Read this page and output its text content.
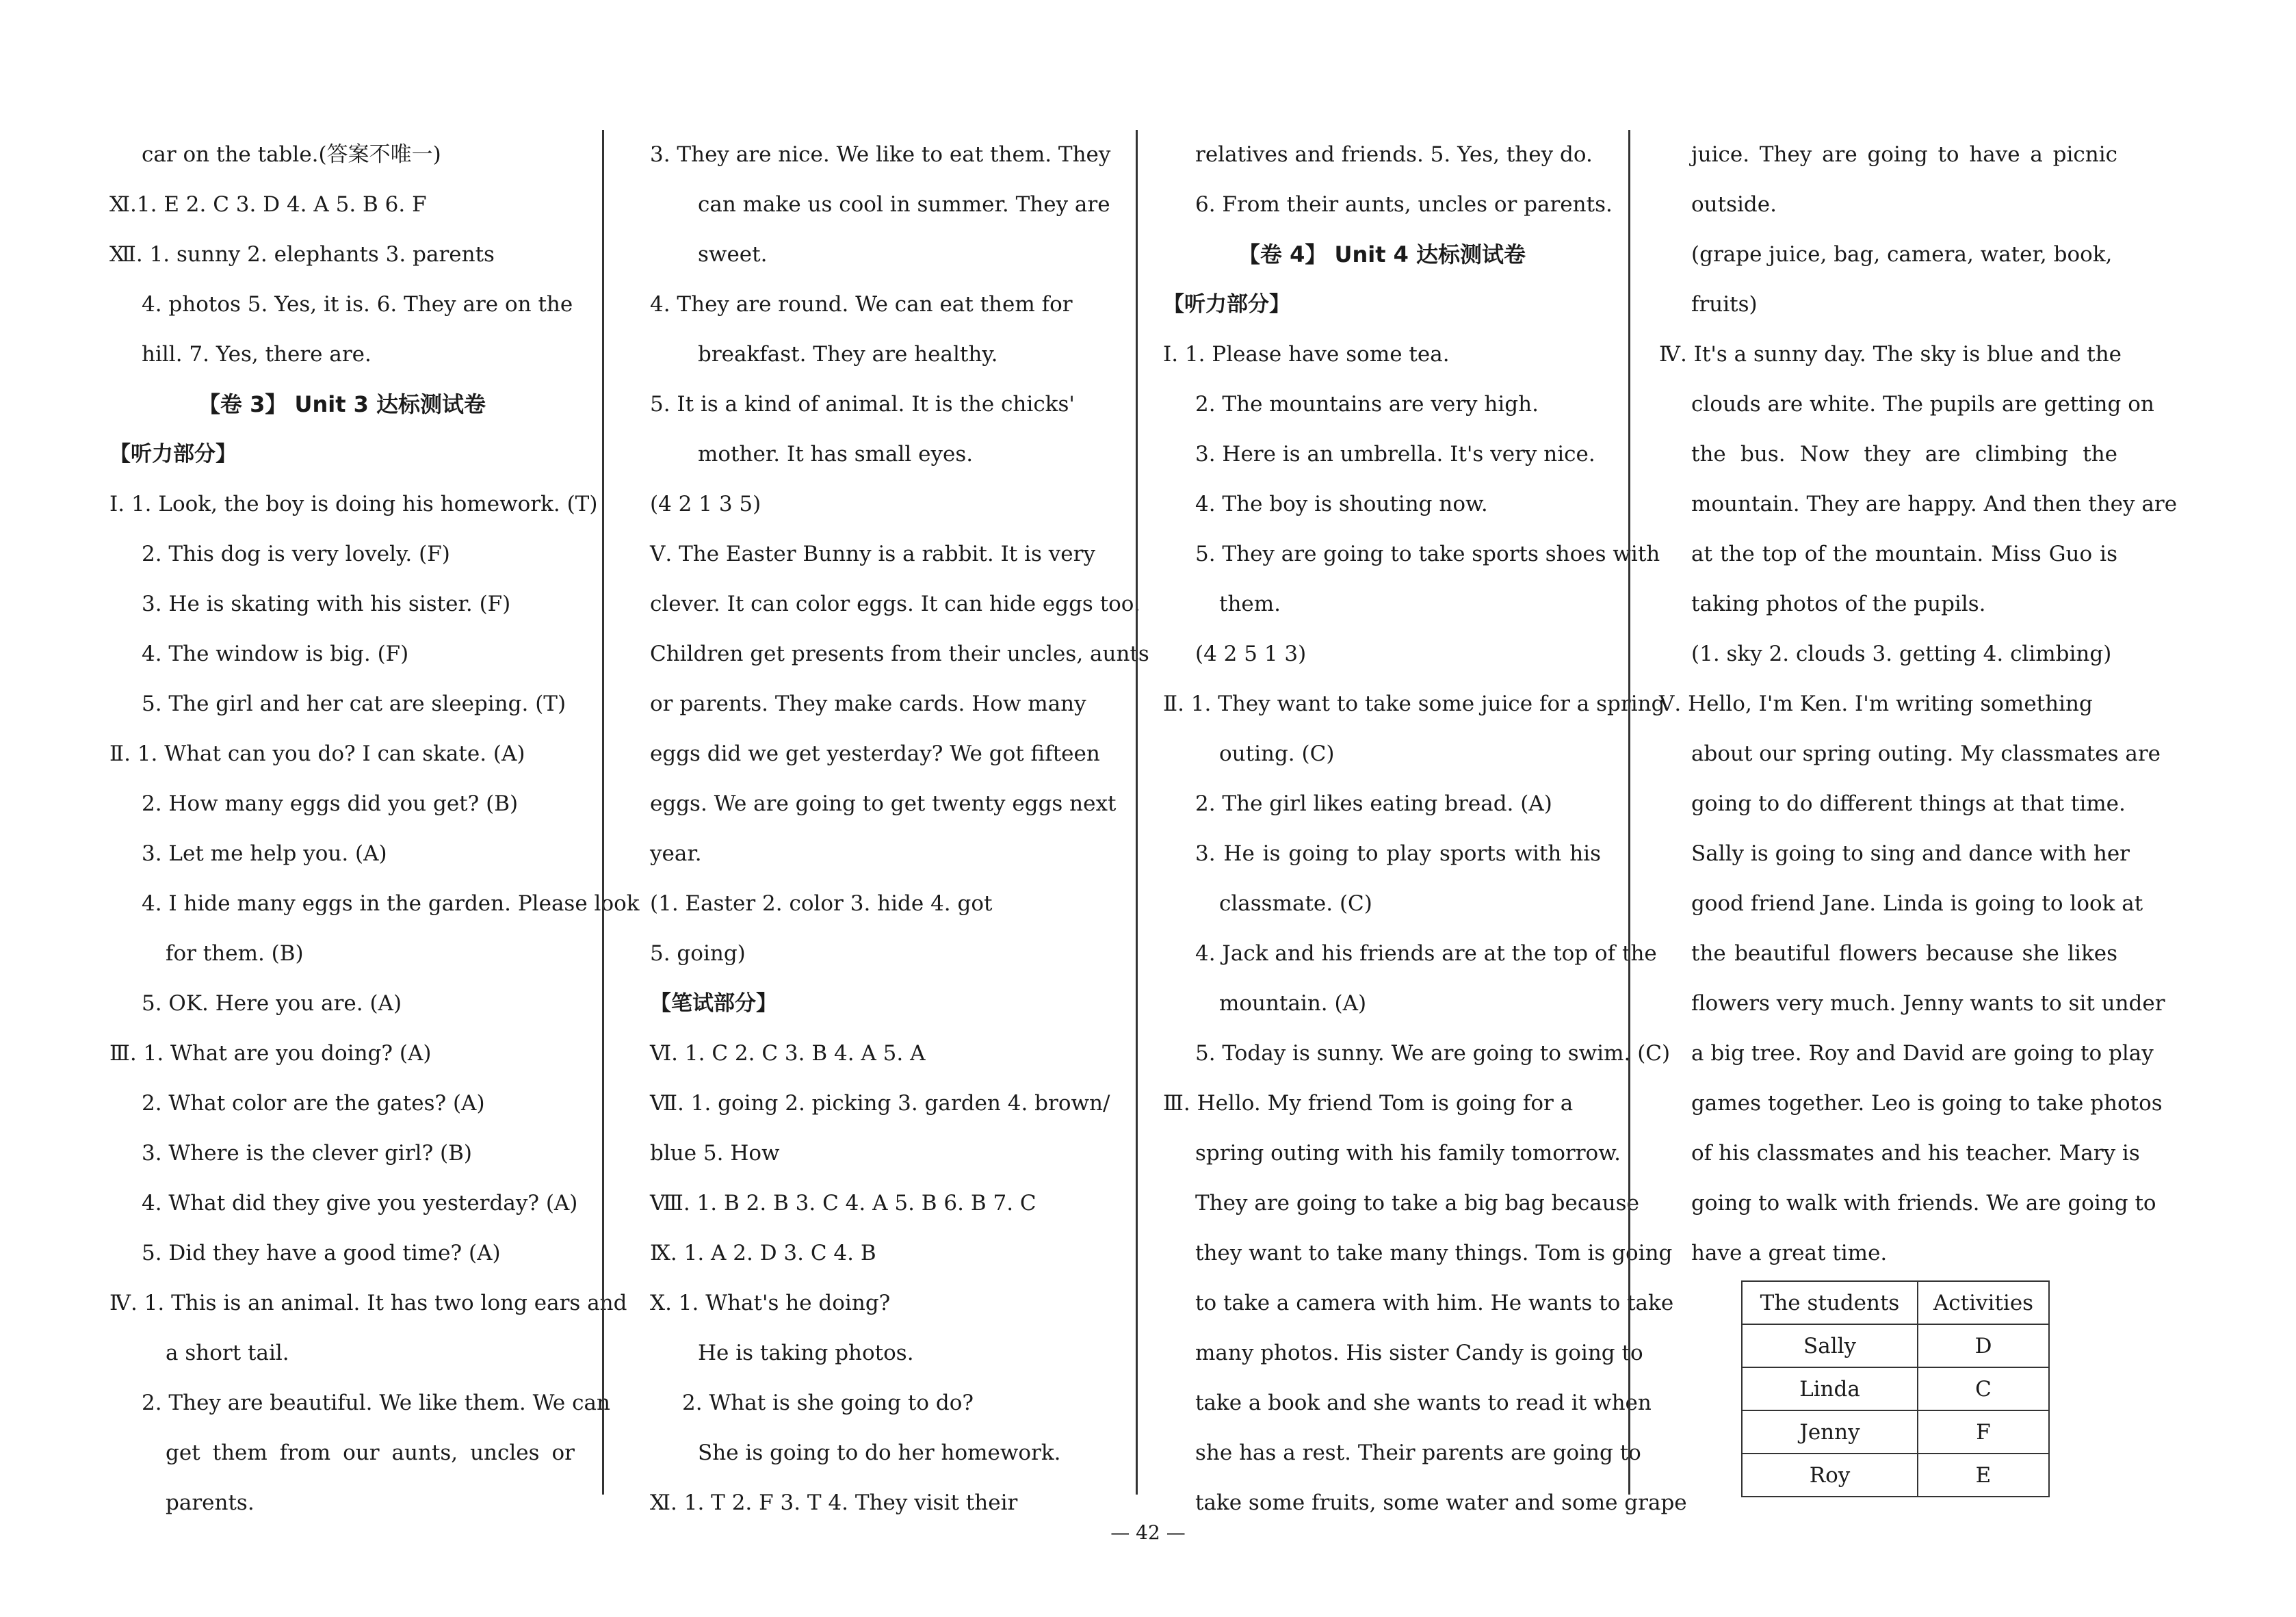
car on the table.(答案不唯一)
Ⅺ.1. E 2. C 3. D 4. A 5. B 6. F
Ⅻ. 1. sunny 2. elephants 3. parents
4. photos 5. Yes, it is. 6. They are on the
hill. 7. Yes, there are.
【卷 3】 Unit 3 达标测试卷
【听力部分】
Ⅰ. 1. Look, the boy is doing his homework. (T)
2. This dog is very lovely. (F)
3. He is skating with his sister. (F)
4. The window is big. (F)
5. The girl and her cat are sleeping. (T)
Ⅱ. 1. What can you do? I can skate. (A)
2. How many eggs did you get? (B)
3. Let me help you. (A)
4. I hide many eggs in the garden. Please look
for them. (B)
5. OK. Here you are. (A)
Ⅲ. 1. What are you doing? (A)
2. What color are the gates? (A)
3. Where is the clever girl? (B)
4. What did they give you yesterday? (A)
5. Did they have a good time? (A)
Ⅳ. 1. This is an animal. It has two long ears and
a short tail.
2. They are beautiful. We like them. We can
get them from our aunts, uncles or
parents.
3. They are nice. We like to eat them. They
can make us cool in summer. They are
sweet.
4. They are round. We can eat them for
breakfast. They are healthy.
5. It is a kind of animal. It is the chicks'
mother. It has small eyes.
(4 2 1 3 5)
Ⅴ. The Easter Bunny is a rabbit. It is very
clever. It can color eggs. It can hide eggs too.
Children get presents from their uncles, aunts
or parents. They make cards. How many
eggs did we get yesterday? We got fifteen
eggs. We are going to get twenty eggs next
year.
(1. Easter 2. color 3. hide 4. got
5. going)
【笔试部分】
Ⅵ. 1. C 2. C 3. B 4. A 5. A
Ⅶ. 1. going 2. picking 3. garden 4. brown/
blue 5. How
Ⅷ. 1. B 2. B 3. C 4. A 5. B 6. B 7. C
Ⅸ. 1. A 2. D 3. C 4. B
Ⅹ. 1. What's he doing?
He is taking photos.
2. What is she going to do?
She is going to do her homework.
Ⅺ. 1. T 2. F 3. T 4. They visit their
relatives and friends. 5. Yes, they do.
6. From their aunts, uncles or parents.
【卷 4】 Unit 4 达标测试卷
【听力部分】
Ⅰ. 1. Please have some tea.
2. The mountains are very high.
3. Here is an umbrella. It's very nice.
4. The boy is shouting now.
5. They are going to take sports shoes with
them.
(4 2 5 1 3)
Ⅱ. 1. They want to take some juice for a spring
outing. (C)
2. The girl likes eating bread. (A)
3. He is going to play sports with his
classmate. (C)
4. Jack and his friends are at the top of the
mountain. (A)
5. Today is sunny. We are going to swim. (C)
Ⅲ. Hello. My friend Tom is going for a
spring outing with his family tomorrow.
They are going to take a big bag because
they want to take many things. Tom is going
to take a camera with him. He wants to take
many photos. His sister Candy is going to
take a book and she wants to read it when
she has a rest. Their parents are going to
take some fruits, some water and some grape
juice. They are going to have a picnic
outside.
(grape juice, bag, camera, water, book,
fruits)
Ⅳ. It's a sunny day. The sky is blue and the
clouds are white. The pupils are getting on
the bus. Now they are climbing the
mountain. They are happy. And then they are
at the top of the mountain. Miss Guo is
taking photos of the pupils.
(1. sky 2. clouds 3. getting 4. climbing)
Ⅴ. Hello, I'm Ken. I'm writing something
about our spring outing. My classmates are
going to do different things at that time.
Sally is going to sing and dance with her
good friend Jane. Linda is going to look at
the beautiful flowers because she likes
flowers very much. Jenny wants to sit under
a big tree. Roy and David are going to play
games together. Leo is going to take photos
of his classmates and his teacher. Mary is
going to walk with friends. We are going to
have a great time.
The students	Activities
Sally	D
Linda	C
Jenny	F
Roy	E
— 42 —
